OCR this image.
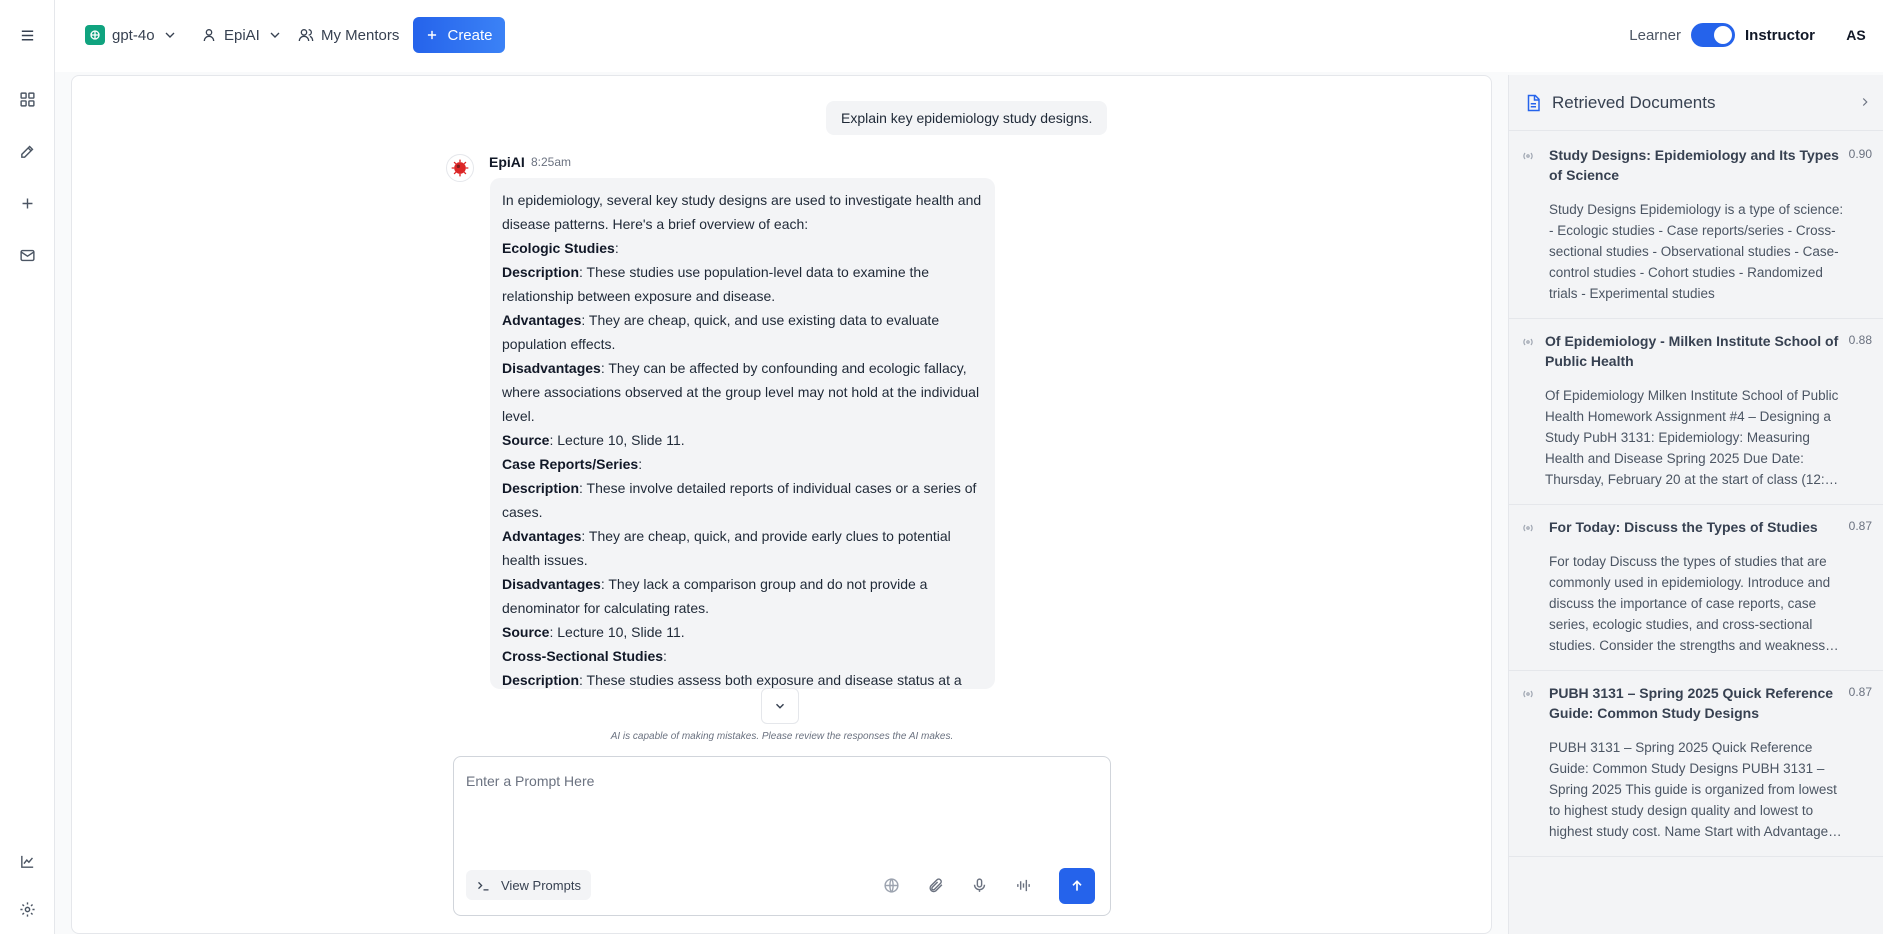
gpt-4o	EpiAI	My Mentors	Create	Learner	Instructor	AS
Explain key epidemiology study designs.
EpiAI 8:25am

In epidemiology, several key study designs are used to investigate health and disease patterns. Here's a brief overview of each:

Ecologic Studies:

Description: These studies use population-level data to examine the relationship between exposure and disease.

Advantages: They are cheap, quick, and use existing data to evaluate population effects.

Disadvantages: They can be affected by confounding and ecologic fallacy, where associations observed at the group level may not hold at the individual level.

Source: Lecture 10, Slide 11.

Case Reports/Series:

Description: These involve detailed reports of individual cases or a series of cases.

Advantages: They are cheap, quick, and provide early clues to potential health issues.

Disadvantages: They lack a comparison group and do not provide a denominator for calculating rates.

Source: Lecture 10, Slide 11.

Cross-Sectional Studies:

Description: These studies assess both exposure and disease status at a

AI is capable of making mistakes. Please review the responses the AI makes.
Enter a Prompt Here
View Prompts
Retrieved Documents
Study Designs: Epidemiology and Its Types of Science
0.90
Study Designs Epidemiology is a type of science: - Ecologic studies - Case reports/series - Cross-sectional studies - Observational studies - Case-control studies - Cohort studies - Randomized trials - Experimental studies
Of Epidemiology - Milken Institute School of Public Health
0.88
Of Epidemiology Milken Institute School of Public Health Homework Assignment #4 – Designing a Study PubH 3131: Epidemiology: Measuring Health and Disease Spring 2025 Due Date: Thursday, February 20 at the start of class (12:45
For Today: Discuss the Types of Studies	0.87
For today Discuss the types of studies that are commonly used in epidemiology. Introduce and discuss the importance of case reports, case series, ecologic studies, and cross-sectional studies. Consider the strengths and weaknesses
PUBH 3131 – Spring 2025 Quick Reference Guide: Common Study Designs
0.87
PUBH 3131 – Spring 2025 Quick Reference Guide: Common Study Designs PUBH 3131 – Spring 2025 This guide is organized from lowest to highest study design quality and lowest to highest study cost. Name Start with Advantages
